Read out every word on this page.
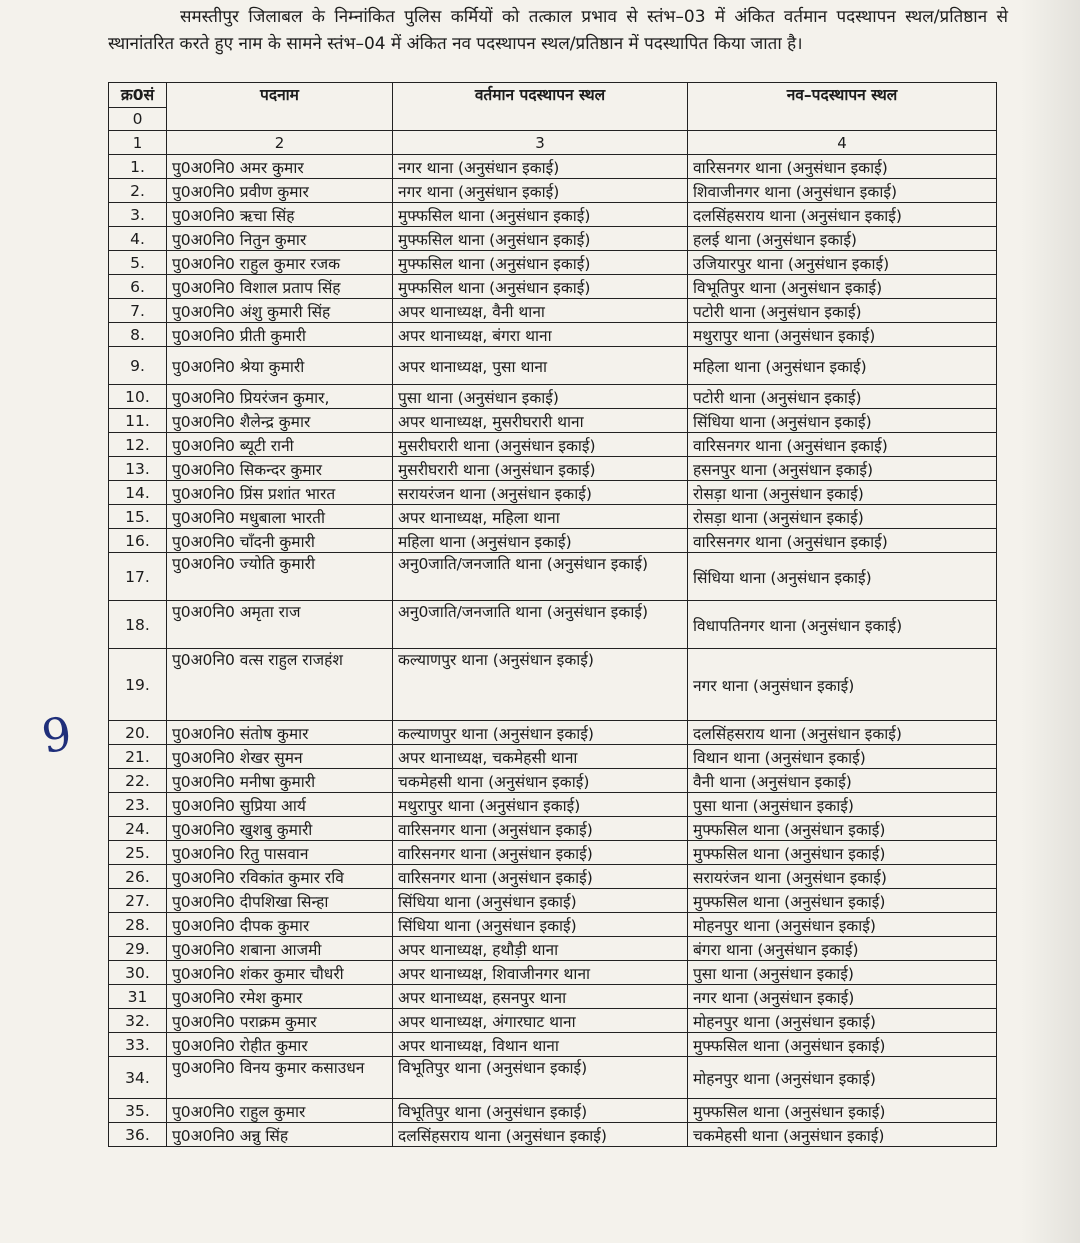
समस्तीपुर जिलाबल के निम्नांकित पुलिस कर्मियों को तत्काल प्रभाव से स्तंभ–03 में अंकित वर्तमान पदस्थापन स्थल/प्रतिष्ठान से स्थानांतरित करते हुए नाम के सामने स्तंभ–04 में अंकित नव पदस्थापन स्थल/प्रतिष्ठान में पदस्थापित किया जाता है।
क्र0सं	पदनाम	वर्तमान पदस्थापन स्थल	नव–पदस्थापन स्थल
0			
1	2	3	4
1.	पु0अ0नि0 अमर कुमार	नगर थाना (अनुसंधान इकाई)	वारिसनगर थाना (अनुसंधान इकाई)
2.	पु0अ0नि0 प्रवीण कुमार	नगर थाना (अनुसंधान इकाई)	शिवाजीनगर थाना (अनुसंधान इकाई)
3.	पु0अ0नि0 ऋचा सिंह	मुफ्फसिल थाना (अनुसंधान इकाई)	दलसिंहसराय थाना (अनुसंधान इकाई)
4.	पु0अ0नि0 नितुन कुमार	मुफ्फसिल थाना (अनुसंधान इकाई)	हलई थाना (अनुसंधान इकाई)
5.	पु0अ0नि0 राहुल कुमार रजक	मुफ्फसिल थाना (अनुसंधान इकाई)	उजियारपुर थाना (अनुसंधान इकाई)
6.	पु0अ0नि0 विशाल प्रताप सिंह	मुफ्फसिल थाना (अनुसंधान इकाई)	विभूतिपुर थाना (अनुसंधान इकाई)
7.	पु0अ0नि0 अंशु कुमारी सिंह	अपर थानाध्यक्ष, वैनी थाना	पटोरी थाना (अनुसंधान इकाई)
8.	पु0अ0नि0 प्रीती कुमारी	अपर थानाध्यक्ष, बंगरा थाना	मथुरापुर थाना (अनुसंधान इकाई)
9.	पु0अ0नि0 श्रेया कुमारी	अपर थानाध्यक्ष, पुसा थाना	महिला थाना (अनुसंधान इकाई)
10.	पु0अ0नि0 प्रियरंजन कुमार,	पुसा थाना (अनुसंधान इकाई)	पटोरी थाना (अनुसंधान इकाई)
11.	पु0अ0नि0 शैलेन्द्र कुमार	अपर थानाध्यक्ष, मुसरीघरारी थाना	सिंधिया थाना (अनुसंधान इकाई)
12.	पु0अ0नि0 ब्यूटी रानी	मुसरीघरारी थाना (अनुसंधान इकाई)	वारिसनगर थाना (अनुसंधान इकाई)
13.	पु0अ0नि0 सिकन्दर कुमार	मुसरीघरारी थाना (अनुसंधान इकाई)	हसनपुर थाना (अनुसंधान इकाई)
14.	पु0अ0नि0 प्रिंस प्रशांत भारत	सरायरंजन थाना (अनुसंधान इकाई)	रोसड़ा थाना (अनुसंधान इकाई)
15.	पु0अ0नि0 मधुबाला भारती	अपर थानाध्यक्ष, महिला थाना	रोसड़ा थाना (अनुसंधान इकाई)
16.	पु0अ0नि0 चाँदनी कुमारी	महिला थाना (अनुसंधान इकाई)	वारिसनगर थाना (अनुसंधान इकाई)
17.	पु0अ0नि0 ज्योति कुमारी	अनु0जाति/जनजाति थाना (अनुसंधान इकाई)	सिंधिया थाना (अनुसंधान इकाई)
18.	पु0अ0नि0 अमृता राज	अनु0जाति/जनजाति थाना (अनुसंधान इकाई)	विधापतिनगर थाना (अनुसंधान इकाई)
19.	पु0अ0नि0 वत्स राहुल राजहंश	कल्याणपुर थाना (अनुसंधान इकाई)	नगर थाना (अनुसंधान इकाई)
20.	पु0अ0नि0 संतोष कुमार	कल्याणपुर थाना (अनुसंधान इकाई)	दलसिंहसराय थाना (अनुसंधान इकाई)
21.	पु0अ0नि0 शेखर सुमन	अपर थानाध्यक्ष, चकमेहसी थाना	विथान थाना (अनुसंधान इकाई)
22.	पु0अ0नि0 मनीषा कुमारी	चकमेहसी थाना (अनुसंधान इकाई)	वैनी थाना (अनुसंधान इकाई)
23.	पु0अ0नि0 सुप्रिया आर्य	मथुरापुर थाना (अनुसंधान इकाई)	पुसा थाना (अनुसंधान इकाई)
24.	पु0अ0नि0 खुशबु कुमारी	वारिसनगर थाना (अनुसंधान इकाई)	मुफ्फसिल थाना (अनुसंधान इकाई)
25.	पु0अ0नि0 रितु पासवान	वारिसनगर थाना (अनुसंधान इकाई)	मुफ्फसिल थाना (अनुसंधान इकाई)
26.	पु0अ0नि0 रविकांत कुमार रवि	वारिसनगर थाना (अनुसंधान इकाई)	सरायरंजन थाना (अनुसंधान इकाई)
27.	पु0अ0नि0 दीपशिखा सिन्हा	सिंधिया थाना (अनुसंधान इकाई)	मुफ्फसिल थाना (अनुसंधान इकाई)
28.	पु0अ0नि0 दीपक कुमार	सिंधिया थाना (अनुसंधान इकाई)	मोहनपुर थाना (अनुसंधान इकाई)
29.	पु0अ0नि0 शबाना आजमी	अपर थानाध्यक्ष, हथौड़ी थाना	बंगरा थाना (अनुसंधान इकाई)
30.	पु0अ0नि0 शंकर कुमार चौधरी	अपर थानाध्यक्ष, शिवाजीनगर थाना	पुसा थाना (अनुसंधान इकाई)
31	पु0अ0नि0 रमेश कुमार	अपर थानाध्यक्ष, हसनपुर थाना	नगर थाना (अनुसंधान इकाई)
32.	पु0अ0नि0 पराक्रम कुमार	अपर थानाध्यक्ष, अंगारघाट थाना	मोहनपुर थाना (अनुसंधान इकाई)
33.	पु0अ0नि0 रोहीत कुमार	अपर थानाध्यक्ष, विथान थाना	मुफ्फसिल थाना (अनुसंधान इकाई)
34.	पु0अ0नि0 विनय कुमार कसाउधन	विभूतिपुर थाना (अनुसंधान इकाई)	मोहनपुर थाना (अनुसंधान इकाई)
35.	पु0अ0नि0 राहुल कुमार	विभूतिपुर थाना (अनुसंधान इकाई)	मुफ्फसिल थाना (अनुसंधान इकाई)
36.	पु0अ0नि0 अन्नु सिंह	दलसिंहसराय थाना (अनुसंधान इकाई)	चकमेहसी थाना (अनुसंधान इकाई)
9
